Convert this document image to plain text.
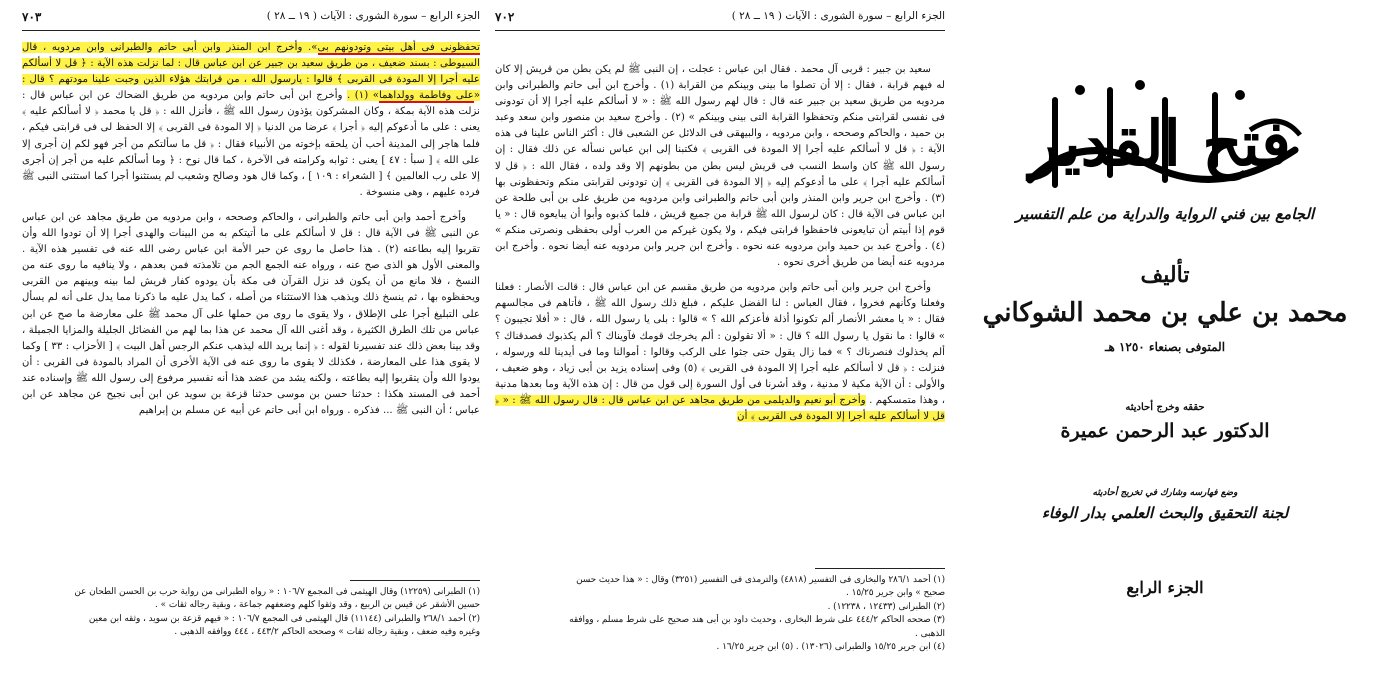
الجزء الرابع – سورة الشورى : الآيات ( ١٩ ــ ٢٨ )
٧٠٣

تحفظونى فى أهل بيتى وتودونهم بى». وأخرج ابن المنذر وابن أبى حاتم والطبرانى وابن مردويه ، قال السيوطى : بسند ضعيف ، من طريق سعيد بن جبير عن ابن عباس قال : لما نزلت هذه الآية : ﴿ قل لا أسألكم عليه أجرا إلا المودة فى القربى ﴾ قالوا : يارسول الله ، من قرابتك هؤلاء الذين وجبت علينا مودتهم ؟ قال : «على وفاطمة وولداهما» (١) . وأخرج ابن أبى حاتم وابن مردويه من طريق الضحاك عن ابن عباس قال : نزلت هذه الآية بمكة ، وكان المشركون يؤذون رسول الله ﷺ ، فأنزل الله : ﴿ قل يا محمد ﴿ لا أسألكم عليه ﴾ يعنى : على ما أدعوكم إليه ﴿ أجرا ﴾ عرضا من الدنيا ﴿ إلا المودة فى القربى ﴾ إلا الحفظ لى فى قرابتى فيكم ، فلما هاجر إلى المدينة أحب أن يلحقه بإخوته من الأنبياء فقال : ﴿ قل ما سألتكم من أجر فهو لكم إن أجرى إلا على الله ﴾ [ سبأ : ٤٧ ] يعنى : ثوابه وكرامته فى الآخرة ، كما قال نوح : ﴿ وما أسألكم عليه من أجر إن أجرى إلا على رب العالمين ﴾ [ الشعراء : ١٠٩ ] ، وكما قال هود وصالح وشعيب لم يستثنوا أجرا كما استثنى النبى ﷺ فرده عليهم ، وهى منسوخة .

وأخرج أحمد وابن أبى حاتم والطبرانى ، والحاكم وصححه ، وابن مردويه من طريق مجاهد عن ابن عباس عن النبى ﷺ فى الآية قال : قل لا أسألكم على ما أتيتكم به من البينات والهدى أجرا إلا أن تودوا الله وأن تقربوا إليه بطاعته (٢) . هذا حاصل ما روى عن حبر الأمة ابن عباس رضى الله عنه فى تفسير هذه الآية . والمعنى الأول هو الذى صح عنه ، ورواه عنه الجمع الجم من تلامذته فمن بعدهم ، ولا ينافيه ما روى عنه من النسخ ، فلا مانع من أن يكون قد نزل القرآن فى مكة بأن يودوه كفار قريش لما بينه وبينهم من القربى ويحفظوه بها ، ثم ينسخ ذلك ويذهب هذا الاستثناء من أصله ، كما يدل عليه ما ذكرنا مما يدل على أنه لم يسأل على التبليغ أجرا على الإطلاق ، ولا يقوى ما روى من حملها على آل محمد ﷺ على معارضة ما صح عن ابن عباس من تلك الطرق الكثيرة ، وقد أغنى الله آل محمد عن هذا بما لهم من الفضائل الجليلة والمزايا الجميلة ، وقد بينا بعض ذلك عند تفسيرنا لقوله : ﴿ إنما يريد الله ليذهب عنكم الرجس أهل البيت ﴾ [ الأحزاب : ٣٣ ] وكما لا يقوى هذا على المعارضة ، فكذلك لا يقوى ما روى عنه فى الآية الأخرى أن المراد بالمودة فى القربى : أن يودوا الله وأن يتقربوا إليه بطاعته ، ولكنه يشد من عضد هذا أنه تفسير مرفوع إلى رسول الله ﷺ وإسناده عند أحمد فى المسند هكذا : حدثنا حسن بن موسى حدثنا قزعة بن سويد عن ابن أبى نجيح عن مجاهد عن ابن عباس ؛ أن النبى ﷺ ... فذكره . ورواه ابن أبى حاتم عن أبيه عن مسلم بن إبراهيم

(١) الطبرانى (١٢٢٥٩) وقال الهيثمى فى المجمع ١٠٦/٧ : « رواه الطبرانى من رواية حرب بن الحسن الطحان عن
حسين الأشقر عن قيس بن الربيع ، وقد وثقوا كلهم وضعفهم جماعة ، وبقية رجاله ثقات » .
(٢) أحمد ٢٦٨/١ والطبرانى (١١١٤٤) قال الهيثمى فى المجمع ١٠٦/٧ : « فيهم قزعة بن سويد ، وثقه ابن معين
وغيره وفيه ضعف ، وبقية رجاله ثقات » وصححه الحاكم ٤٤٣/٢ ، ٤٤٤ ووافقه الذهبى .
الجزء الرابع – سورة الشورى : الآيات ( ١٩ ــ ٢٨ )
٧٠٢

سعيد بن جبير : قربى آل محمد . فقال ابن عباس : عجلت ، إن النبى ﷺ لم يكن بطن من قريش إلا كان له فيهم قرابة ، فقال : إلا أن تصلوا ما بينى وبينكم من القرابة (١) . وأخرج ابن أبى حاتم والطبرانى وابن مردويه من طريق سعيد بن جبير عنه قال : قال لهم رسول الله ﷺ : « لا أسألكم عليه أجرا إلا أن تودونى فى نفسى لقرابتى منكم وتحفظوا القرابة التى بينى وبينكم » (٢) . وأخرج سعيد بن منصور وابن سعد وعبد بن حميد ، والحاكم وصححه ، وابن مردويه ، والبيهقى فى الدلائل عن الشعبى قال : أكثر الناس علينا فى هذه الآية : ﴿ قل لا أسألكم عليه أجرا إلا المودة فى القربى ﴾ فكتبنا إلى ابن عباس نسأله عن ذلك فقال : إن رسول الله ﷺ كان واسط النسب فى قريش ليس بطن من بطونهم إلا وقد ولده ، فقال الله : ﴿ قل لا أسألكم عليه أجرا ﴾ على ما أدعوكم إليه ﴿ إلا المودة فى القربى ﴾ إن تودونى لقرابتى منكم وتحفظونى بها (٣) . وأخرج ابن جرير وابن المنذر وابن أبى حاتم والطبرانى وابن مردويه من طريق على بن أبى طلحة عن ابن عباس فى الآية قال : كان لرسول الله ﷺ قرابة من جميع قريش ، فلما كذبوه وأبوا أن يبايعوه قال : « يا قوم إذا أبيتم أن تبايعونى فاحفظوا قرابتى فيكم ، ولا يكون غيركم من العرب أولى بحفظى ونصرتى منكم » (٤) . وأخرج عبد بن حميد وابن مردويه عنه نحوه . وأخرج ابن جرير وابن مردويه عنه أيضا نحوه . وأخرج ابن مردويه عنه أيضا من طريق أخرى نحوه .

وأخرج ابن جرير وابن أبى حاتم وابن مردويه من طريق مقسم عن ابن عباس قال : قالت الأنصار : فعلنا وفعلنا وكأنهم فخروا ، فقال العباس : لنا الفضل عليكم ، فبلغ ذلك رسول الله ﷺ ، فأتاهم فى مجالسهم فقال : « يا معشر الأنصار ألم تكونوا أذلة فأعزكم الله ؟ » قالوا : بلى يا رسول الله ، قال : « أفلا تجيبون ؟ » قالوا : ما نقول يا رسول الله ؟ قال : « ألا تقولون : ألم يخرجك قومك فآويناك ؟ ألم يكذبوك فصدقناك ؟ ألم يخذلوك فنصرناك ؟ » فما زال يقول حتى جثوا على الركب وقالوا : أموالنا وما فى أيدينا لله ورسوله ، فنزلت : ﴿ قل لا أسألكم عليه أجرا إلا المودة فى القربى ﴾ (٥) وفى إسناده يزيد بن أبى زياد ، وهو ضعيف ، والأولى : أن الآية مكية لا مدنية ، وقد أشرنا فى أول السورة إلى قول من قال : إن هذه الآية وما بعدها مدنية ، وهذا متمسكهم . وأخرج أبو نعيم والديلمى من طريق مجاهد عن ابن عباس قال : قال رسول الله ﷺ : « ﴿ قل لا أسألكم عليه أجرا إلا المودة فى القربى ﴾ أن

(١) أحمد ٢٨٦/١ والبخارى فى التفسير (٤٨١٨) والترمذى فى التفسير (٣٢٥١) وقال : « هذا حديث حسن
صحيح » وابن جرير ١٥/٢٥ .
(٢) الطبرانى (١٢٤٣٣ ، ١٢٢٣٨) .
(٣) صححه الحاكم ٤٤٤/٢ على شرط البخارى ، وحديث داود بن أبى هند صحيح على شرط مسلم ، ووافقه
الذهبى .
(٤) ابن جرير ١٥/٢٥ والطبرانى (١٣٠٢٦) . (٥) ابن جرير ١٦/٢٥ .
فتح القدير
الجامع بين فني الرواية والدراية من علم التفسير
تأليف
محمد بن علي بن محمد الشوكاني
المتوفى بصنعاء ١٢٥٠ هـ
حققه وخرج أحاديثه
الدكتور عبد الرحمن عميرة
وضع فهارسه وشارك في تخريج أحاديثه
لجنة التحقيق والبحث العلمي بدار الوفاء
الجزء الرابع
